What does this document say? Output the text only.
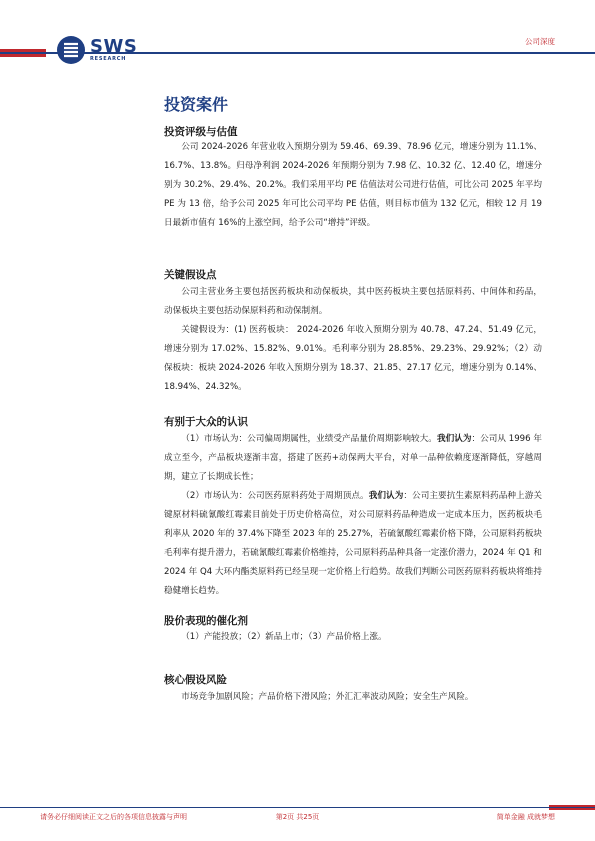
SWS
RESEARCH
公司深度
投资案件
投资评级与估值
公司 2024-2026 年营业收入预期分别为 59.46、69.39、78.96 亿元，增速分别为 11.1%、16.7%、13.8%。归母净利润 2024-2026 年预期分别为 7.98 亿、10.32 亿、12.40 亿，增速分别为 30.2%、29.4%、20.2%。我们采用平均 PE 估值法对公司进行估值，可比公司 2025 年平均 PE 为 13 倍，给予公司 2025 年可比公司平均 PE 估值，则目标市值为 132 亿元，相较 12 月 19 日最新市值有 16%的上涨空间，给予公司“增持”评级。
关键假设点
公司主营业务主要包括医药板块和动保板块，其中医药板块主要包括原料药、中间体和药品，动保板块主要包括动保原料药和动保制剂。
关键假设为：(1) 医药板块： 2024-2026 年收入预期分别为 40.78、47.24、51.49 亿元，增速分别为 17.02%、15.82%、9.01%。毛利率分别为 28.85%、29.23%、29.92%；（2）动保板块：板块 2024-2026 年收入预期分别为 18.37、21.85、27.17 亿元，增速分别为 0.14%、18.94%、24.32%。
有别于大众的认识
（1）市场认为：公司偏周期属性，业绩受产品量价周期影响较大。我们认为：公司从 1996 年成立至今，产品板块逐渐丰富，搭建了医药+动保两大平台，对单一品种依赖度逐渐降低，穿越周期，建立了长期成长性；
（2）市场认为：公司医药原料药处于周期顶点。我们认为：公司主要抗生素原料药品种上游关键原材料硫氰酸红霉素目前处于历史价格高位，对公司原料药品种造成一定成本压力，医药板块毛利率从 2020 年的 37.4%下降至 2023 年的 25.27%，若硫氰酸红霉素价格下降，公司原料药板块毛利率有提升潜力，若硫氰酸红霉素价格维持，公司原料药品种具备一定涨价潜力，2024 年 Q1 和 2024 年 Q4 大环内酯类原料药已经呈现一定价格上行趋势。故我们判断公司医药原料药板块将维持稳健增长趋势。
股价表现的催化剂
（1）产能投放；（2）新品上市；（3）产品价格上涨。
核心假设风险
市场竞争加剧风险；产品价格下滑风险；外汇汇率波动风险；安全生产风险。
请务必仔细阅读正文之后的各项信息披露与声明	第2页 共25页	简单金融 成就梦想
